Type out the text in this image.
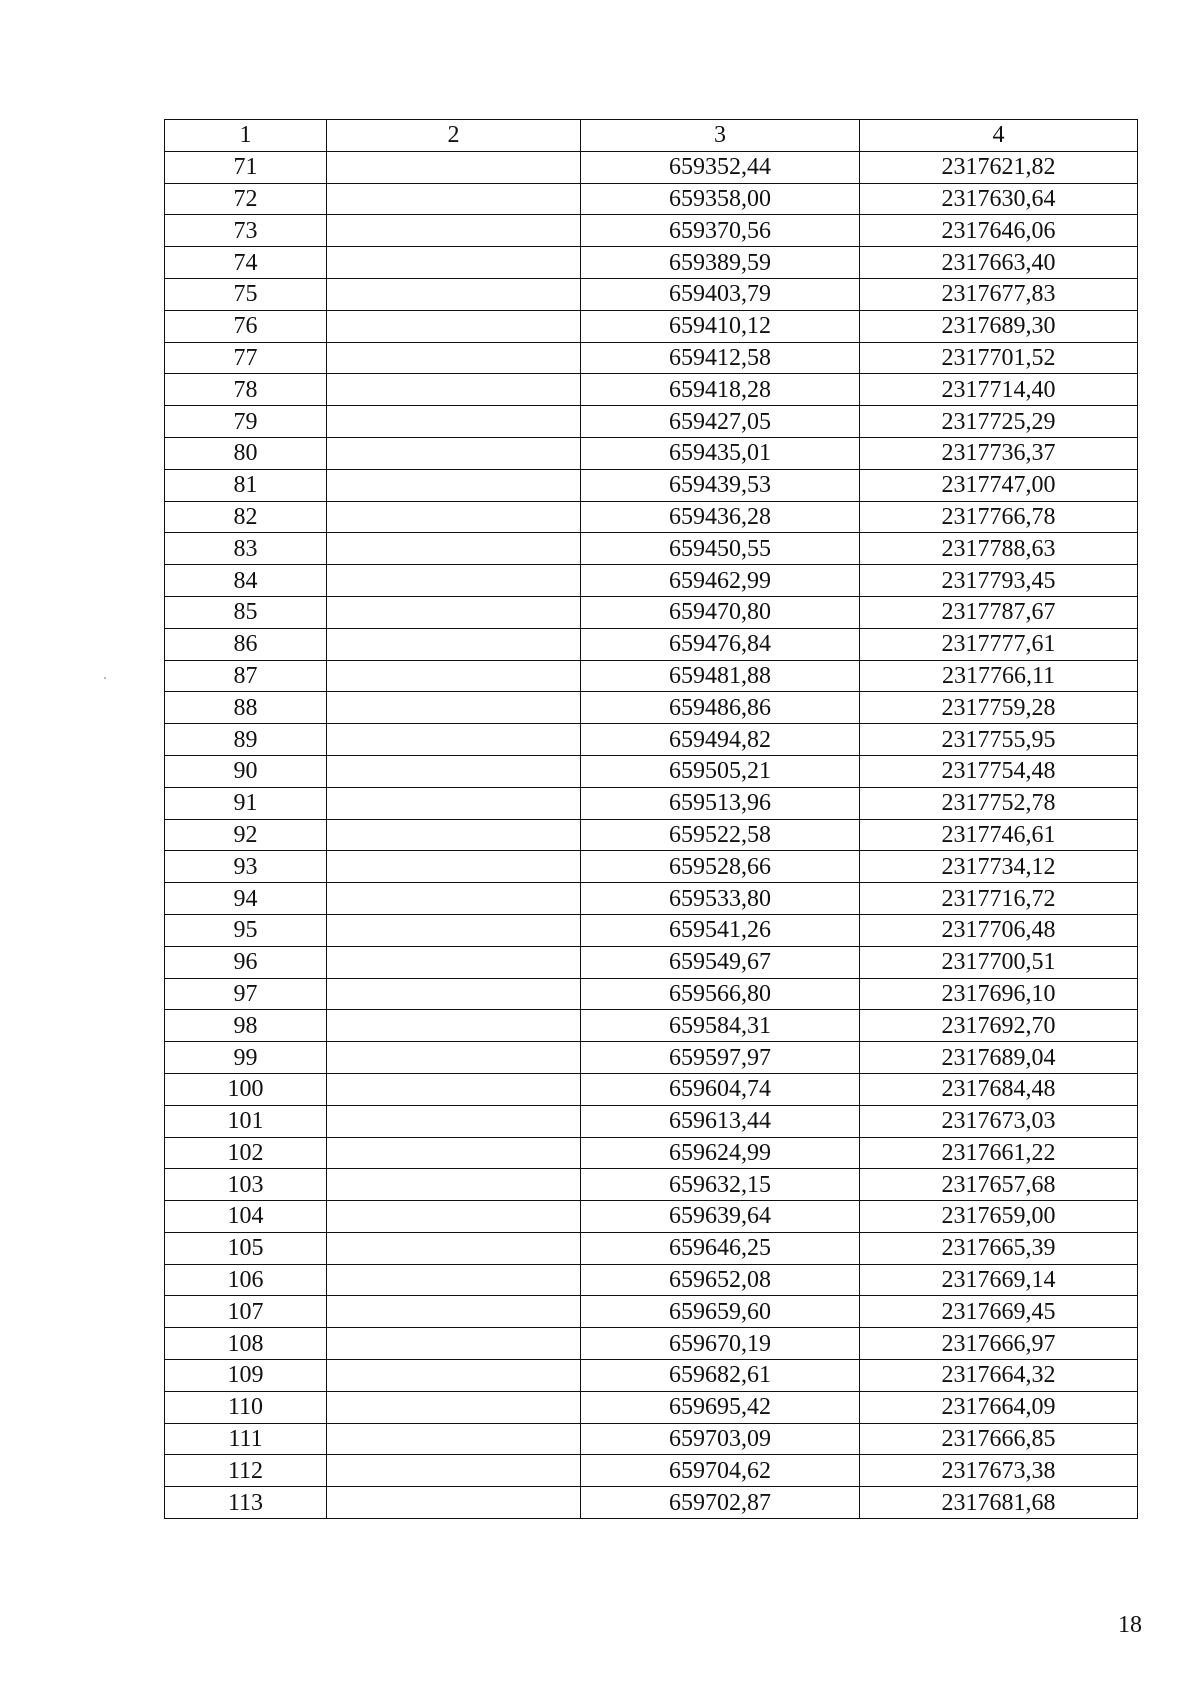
1	2	3	4
71		659352,44	2317621,82
72		659358,00	2317630,64
73		659370,56	2317646,06
74		659389,59	2317663,40
75		659403,79	2317677,83
76		659410,12	2317689,30
77		659412,58	2317701,52
78		659418,28	2317714,40
79		659427,05	2317725,29
80		659435,01	2317736,37
81		659439,53	2317747,00
82		659436,28	2317766,78
83		659450,55	2317788,63
84		659462,99	2317793,45
85		659470,80	2317787,67
86		659476,84	2317777,61
87		659481,88	2317766,11
88		659486,86	2317759,28
89		659494,82	2317755,95
90		659505,21	2317754,48
91		659513,96	2317752,78
92		659522,58	2317746,61
93		659528,66	2317734,12
94		659533,80	2317716,72
95		659541,26	2317706,48
96		659549,67	2317700,51
97		659566,80	2317696,10
98		659584,31	2317692,70
99		659597,97	2317689,04
100		659604,74	2317684,48
101		659613,44	2317673,03
102		659624,99	2317661,22
103		659632,15	2317657,68
104		659639,64	2317659,00
105		659646,25	2317665,39
106		659652,08	2317669,14
107		659659,60	2317669,45
108		659670,19	2317666,97
109		659682,61	2317664,32
110		659695,42	2317664,09
111		659703,09	2317666,85
112		659704,62	2317673,38
113		659702,87	2317681,68
18
